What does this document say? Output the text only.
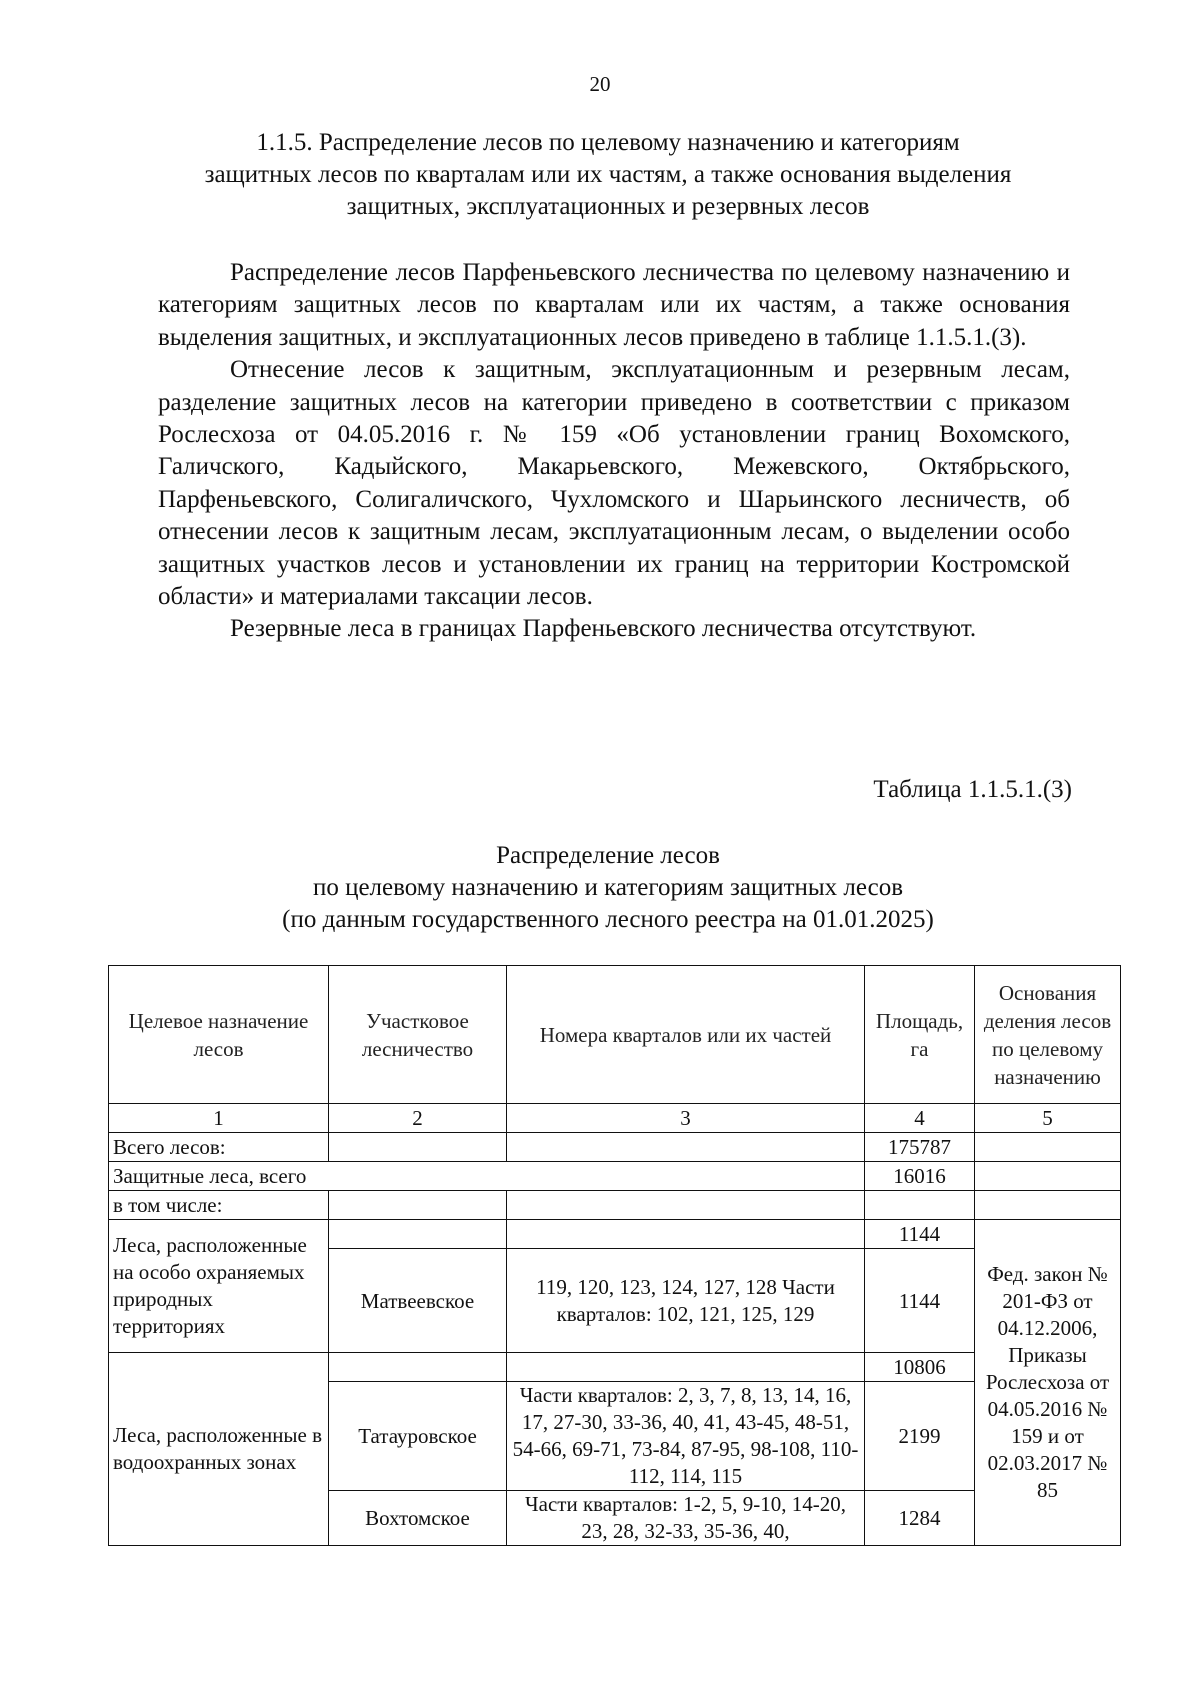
20
1.1.5. Распределение лесов по целевому назначению и категориям
защитных лесов по кварталам или их частям, а также основания выделения
защитных, эксплуатационных и резервных лесов

Распределение лесов Парфеньевского лесничества по целевому назначению и категориям защитных лесов по кварталам или их частям, а также основания выделения защитных, и эксплуатационных лесов приведено в таблице 1.1.5.1.(3).

Отнесение лесов к защитным, эксплуатационным и резервным лесам, разделение защитных лесов на категории приведено в соответствии с приказом Рослесхоза от 04.05.2016 г. № 159 «Об установлении границ Вохомского, Галичского, Кадыйского, Макарьевского, Межевского, Октябрьского, Парфеньевского, Солигаличского, Чухломского и Шарьинского лесничеств, об отнесении лесов к защитным лесам, эксплуатационным лесам, о выделении особо защитных участков лесов и установлении их границ на территории Костромской области» и материалами таксации лесов.

Резервные леса в границах Парфеньевского лесничества отсутствуют.

Таблица 1.1.5.1.(3)
Распределение лесов
по целевому назначению и категориям защитных лесов
(по данным государственного лесного реестра на 01.01.2025)
Целевое назначение лесов	Участковое лесничество	Номера кварталов или их частей	Площадь, га	Основания деления лесов по целевому назначению
1	2	3	4	5
Всего лесов:			175787	
Защитные леса, всего			16016	
в том числе:				
Леса, расположенные на особо охраняемых природных территориях			1144	Фед. закон № 201-ФЗ от 04.12.2006, Приказы Рослесхоза от 04.05.2016 № 159 и от 02.03.2017 № 85
	Матвеевское	119, 120, 123, 124, 127, 128 Части кварталов: 102, 121, 125, 129	1144	
Леса, расположенные в водоохранных зонах			10806	
	Татауровское	Части кварталов: 2, 3, 7, 8, 13, 14, 16, 17, 27-30, 33-36, 40, 41, 43-45, 48-51, 54-66, 69-71, 73-84, 87-95, 98-108, 110-112, 114, 115	2199	
	Вохтомское	Части кварталов: 1-2, 5, 9-10, 14-20, 23, 28, 32-33, 35-36, 40,	1284	
